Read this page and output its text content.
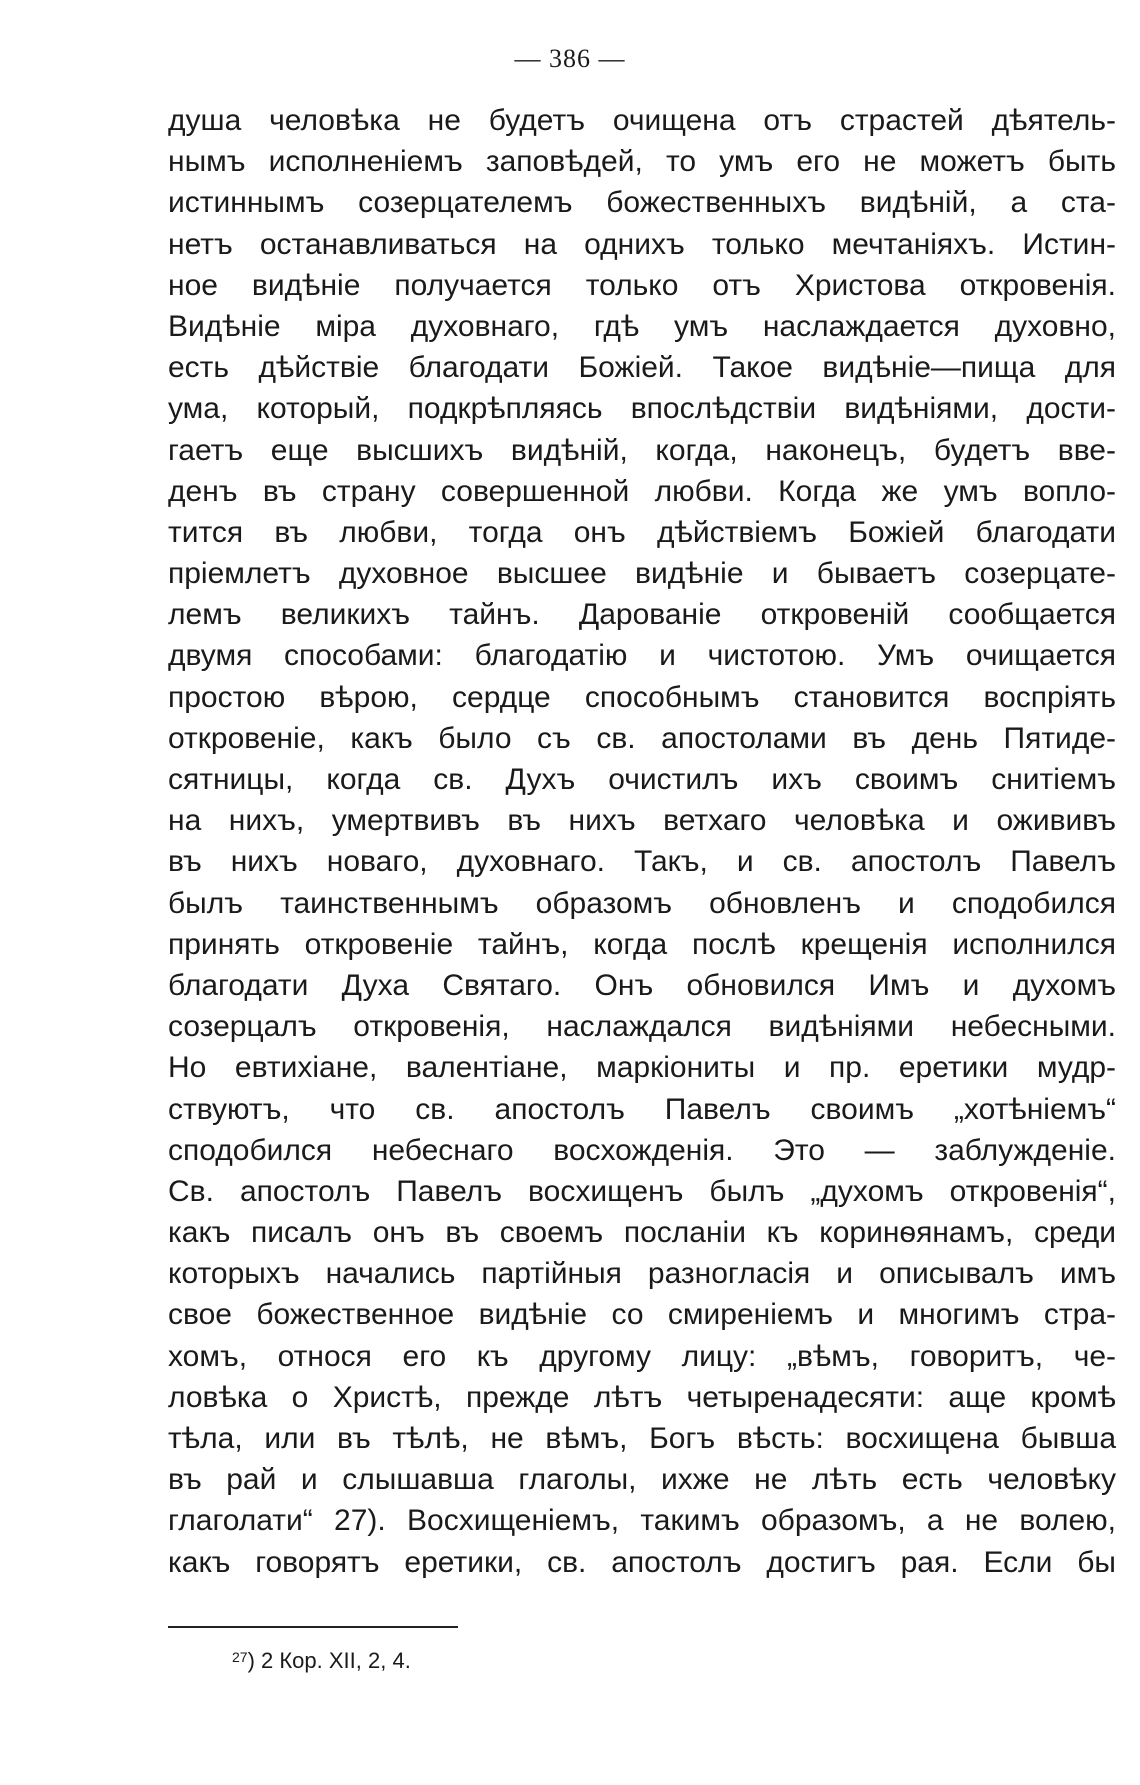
— 386 —
душа человѣка не будетъ очищена отъ страстей дѣятель-
нымъ исполненіемъ заповѣдей, то умъ его не можетъ быть
истиннымъ созерцателемъ божественныхъ видѣній, а ста-
нетъ останавливаться на однихъ только мечтаніяхъ. Истин-
ное видѣніе получается только отъ Христова откровенія.
Видѣніе міра духовнаго, гдѣ умъ наслаждается духовно,
есть дѣйствіе благодати Божіей. Такое видѣніе—пища для
ума, который, подкрѣпляясь впослѣдствіи видѣніями, дости-
гаетъ еще высшихъ видѣній, когда, наконецъ, будетъ вве-
денъ въ страну совершенной любви. Когда же умъ вопло-
тится въ любви, тогда онъ дѣйствіемъ Божіей благодати
пріемлетъ духовное высшее видѣніе и бываетъ созерцате-
лемъ великихъ тайнъ. Дарованіе откровеній сообщается
двумя способами: благодатію и чистотою. Умъ очищается
простою вѣрою, сердце способнымъ становится воспріять
откровеніе, какъ было съ св. апостолами въ день Пятиде-
сятницы, когда св. Духъ очистилъ ихъ своимъ снитіемъ
на нихъ, умертвивъ въ нихъ ветхаго человѣка и ожививъ
въ нихъ новаго, духовнаго. Такъ, и св. апостолъ Павелъ
былъ таинственнымъ образомъ обновленъ и сподобился
принять откровеніе тайнъ, когда послѣ крещенія исполнился
благодати Духа Святаго. Онъ обновился Имъ и духомъ
созерцалъ откровенія, наслаждался видѣніями небесными.
Но евтихіане, валентіане, маркіониты и пр. еретики мудр-
ствуютъ, что св. апостолъ Павелъ своимъ „хотѣніемъ“
сподобился небеснаго восхожденія. Это — заблужденіе.
Св. апостолъ Павелъ восхищенъ былъ „духомъ откровенія“,
какъ писалъ онъ въ своемъ посланіи къ коринѳянамъ, среди
которыхъ начались партійныя разногласія и описывалъ имъ
свое божественное видѣніе со смиреніемъ и многимъ стра-
хомъ, относя его къ другому лицу: „вѣмъ, говоритъ, че-
ловѣка о Христѣ, прежде лѣтъ четыренадесяти: аще кромѣ
тѣла, или въ тѣлѣ, не вѣмъ, Богъ вѣсть: восхищена бывша
въ рай и слышавша глаголы, ихже не лѣть есть человѣку
глаголати“ 27). Восхищеніемъ, такимъ образомъ, а не волею,
какъ говорятъ еретики, св. апостолъ достигъ рая. Если бы
$^{27}$) 2 Кор. XII, 2, 4.
